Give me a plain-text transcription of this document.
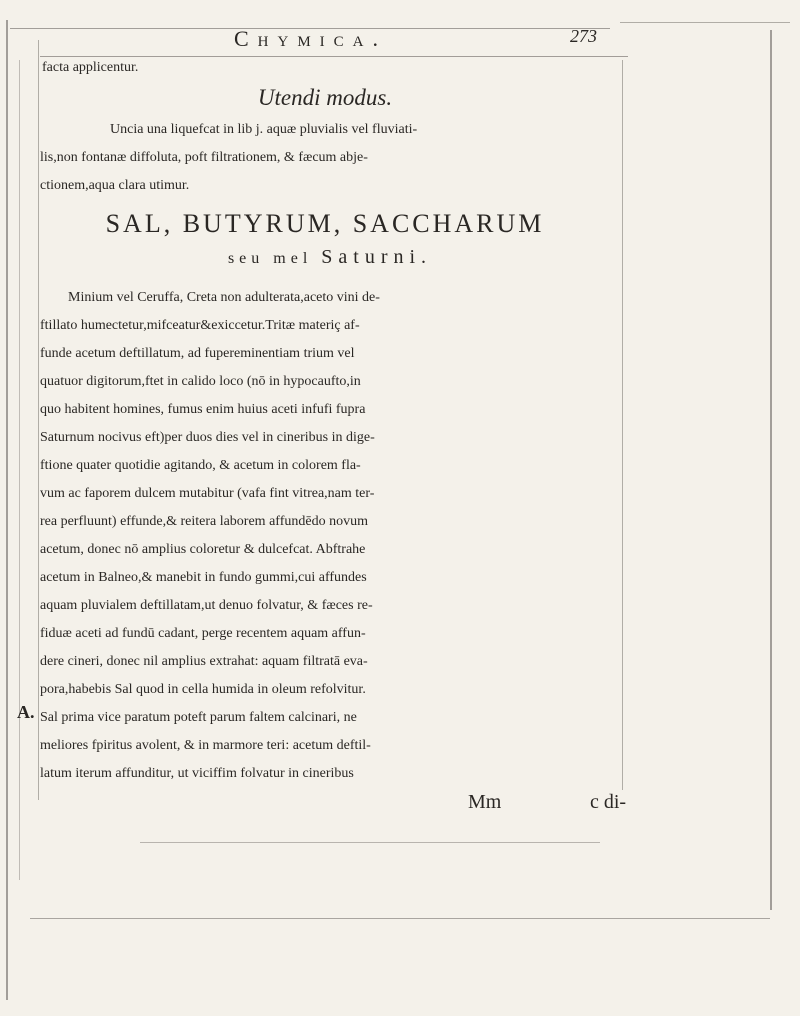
Chymica.	273
A.
facta applicentur.
Utendi modus.
Uncia una liquefcat in lib j. aquæ pluvialis vel fluviati-
lis,non fontanæ diffoluta, poft filtrationem, & fæcum abje-
ctionem,aqua clara utimur.
SAL, BUTYRUM, SACCHARUM
seu mel Saturni.
Minium vel Ceruffa, Creta non adulterata,aceto vini de-
ftillato humectetur,mifceatur&exiccetur.Tritæ materiç af-
funde acetum deftillatum, ad fupereminentiam trium vel
quatuor digitorum,ftet in calido loco (nō in hypocaufto,in
quo habitent homines, fumus enim huius aceti infufi fupra
Saturnum nocivus eft)per duos dies vel in cineribus in dige-
ftione quater quotidie agitando, & acetum in colorem fla-
vum ac faporem dulcem mutabitur (vafa fint vitrea,nam ter-
rea perfluunt) effunde,& reitera laborem affundēdo novum
acetum, donec nō amplius coloretur & dulcefcat. Abftrahe
acetum in Balneo,& manebit in fundo gummi,cui affundes
aquam pluvialem deftillatam,ut denuo folvatur, & fæces re-
fiduæ aceti ad fundū cadant, perge recentem aquam affun-
dere cineri, donec nil amplius extrahat: aquam filtratā eva-
pora,habebis Sal quod in cella humida in oleum refolvitur.
Sal prima vice paratum poteft parum faltem calcinari, ne
meliores fpiritus avolent, & in marmore teri: acetum deftil-
latum iterum affunditur, ut viciffim folvatur in cineribus
Mm	c di-
